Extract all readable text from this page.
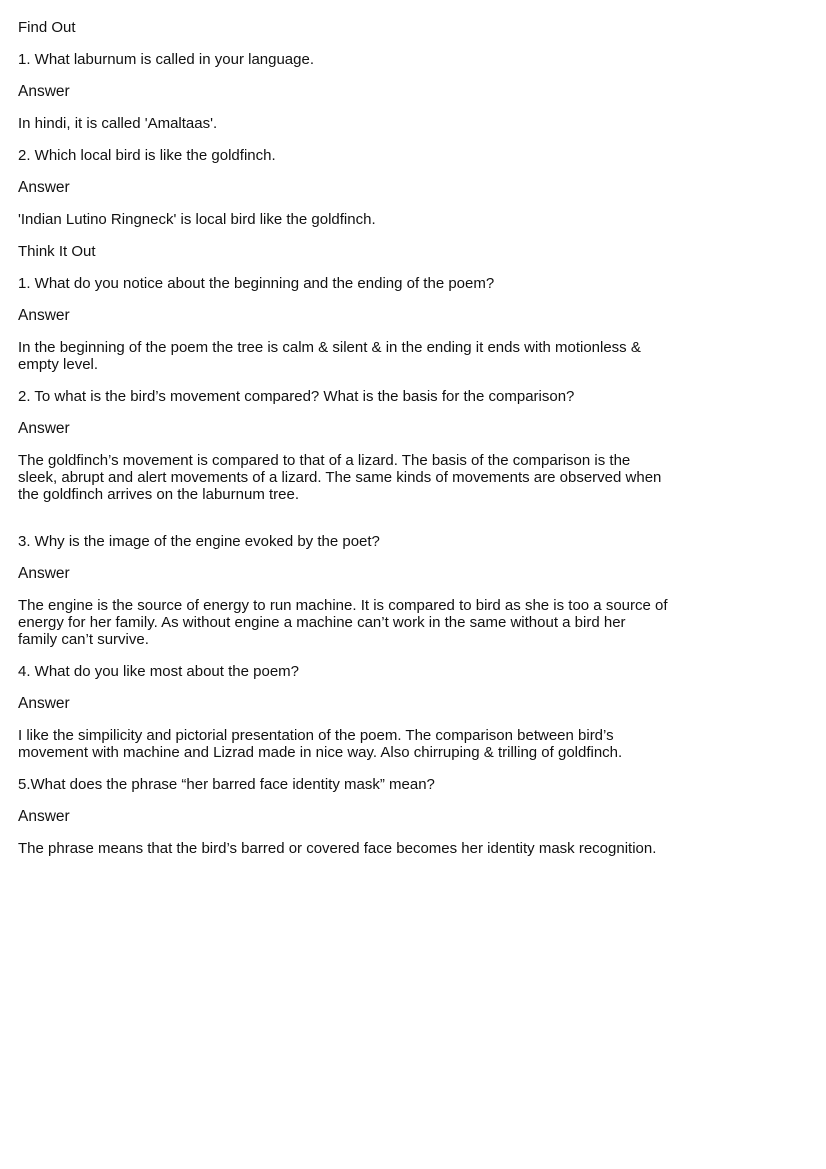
Find Out

1. What laburnum is called in your language.

Answer

In hindi, it is called 'Amaltaas'.

2. Which local bird is like the goldfinch.

Answer

'Indian Lutino Ringneck' is local bird like the goldfinch.

Think It Out

1. What do you notice about the beginning and the ending of the poem?

Answer

In the beginning of the poem the tree is calm & silent & in the ending it ends with motionless & empty level.

2. To what is the bird’s movement compared? What is the basis for the comparison?

Answer

The goldfinch’s movement is compared to that of a lizard. The basis of the comparison is the sleek, abrupt and alert movements of a lizard. The same kinds of movements are observed when the goldfinch arrives on the laburnum tree.

3. Why is the image of the engine evoked by the poet?

Answer

The engine is the source of energy to run machine. It is compared to bird as she is too a source of energy for her family. As without engine a machine can’t work in the same without a bird her family can’t survive.

4. What do you like most about the poem?

Answer

I like the simpilicity and pictorial presentation of the poem. The comparison between bird’s movement with machine and Lizrad made in nice way. Also chirruping & trilling of goldfinch.

5.What does the phrase “her barred face identity mask” mean?

Answer

The phrase means that the bird’s barred or covered face becomes her identity mask recognition.
